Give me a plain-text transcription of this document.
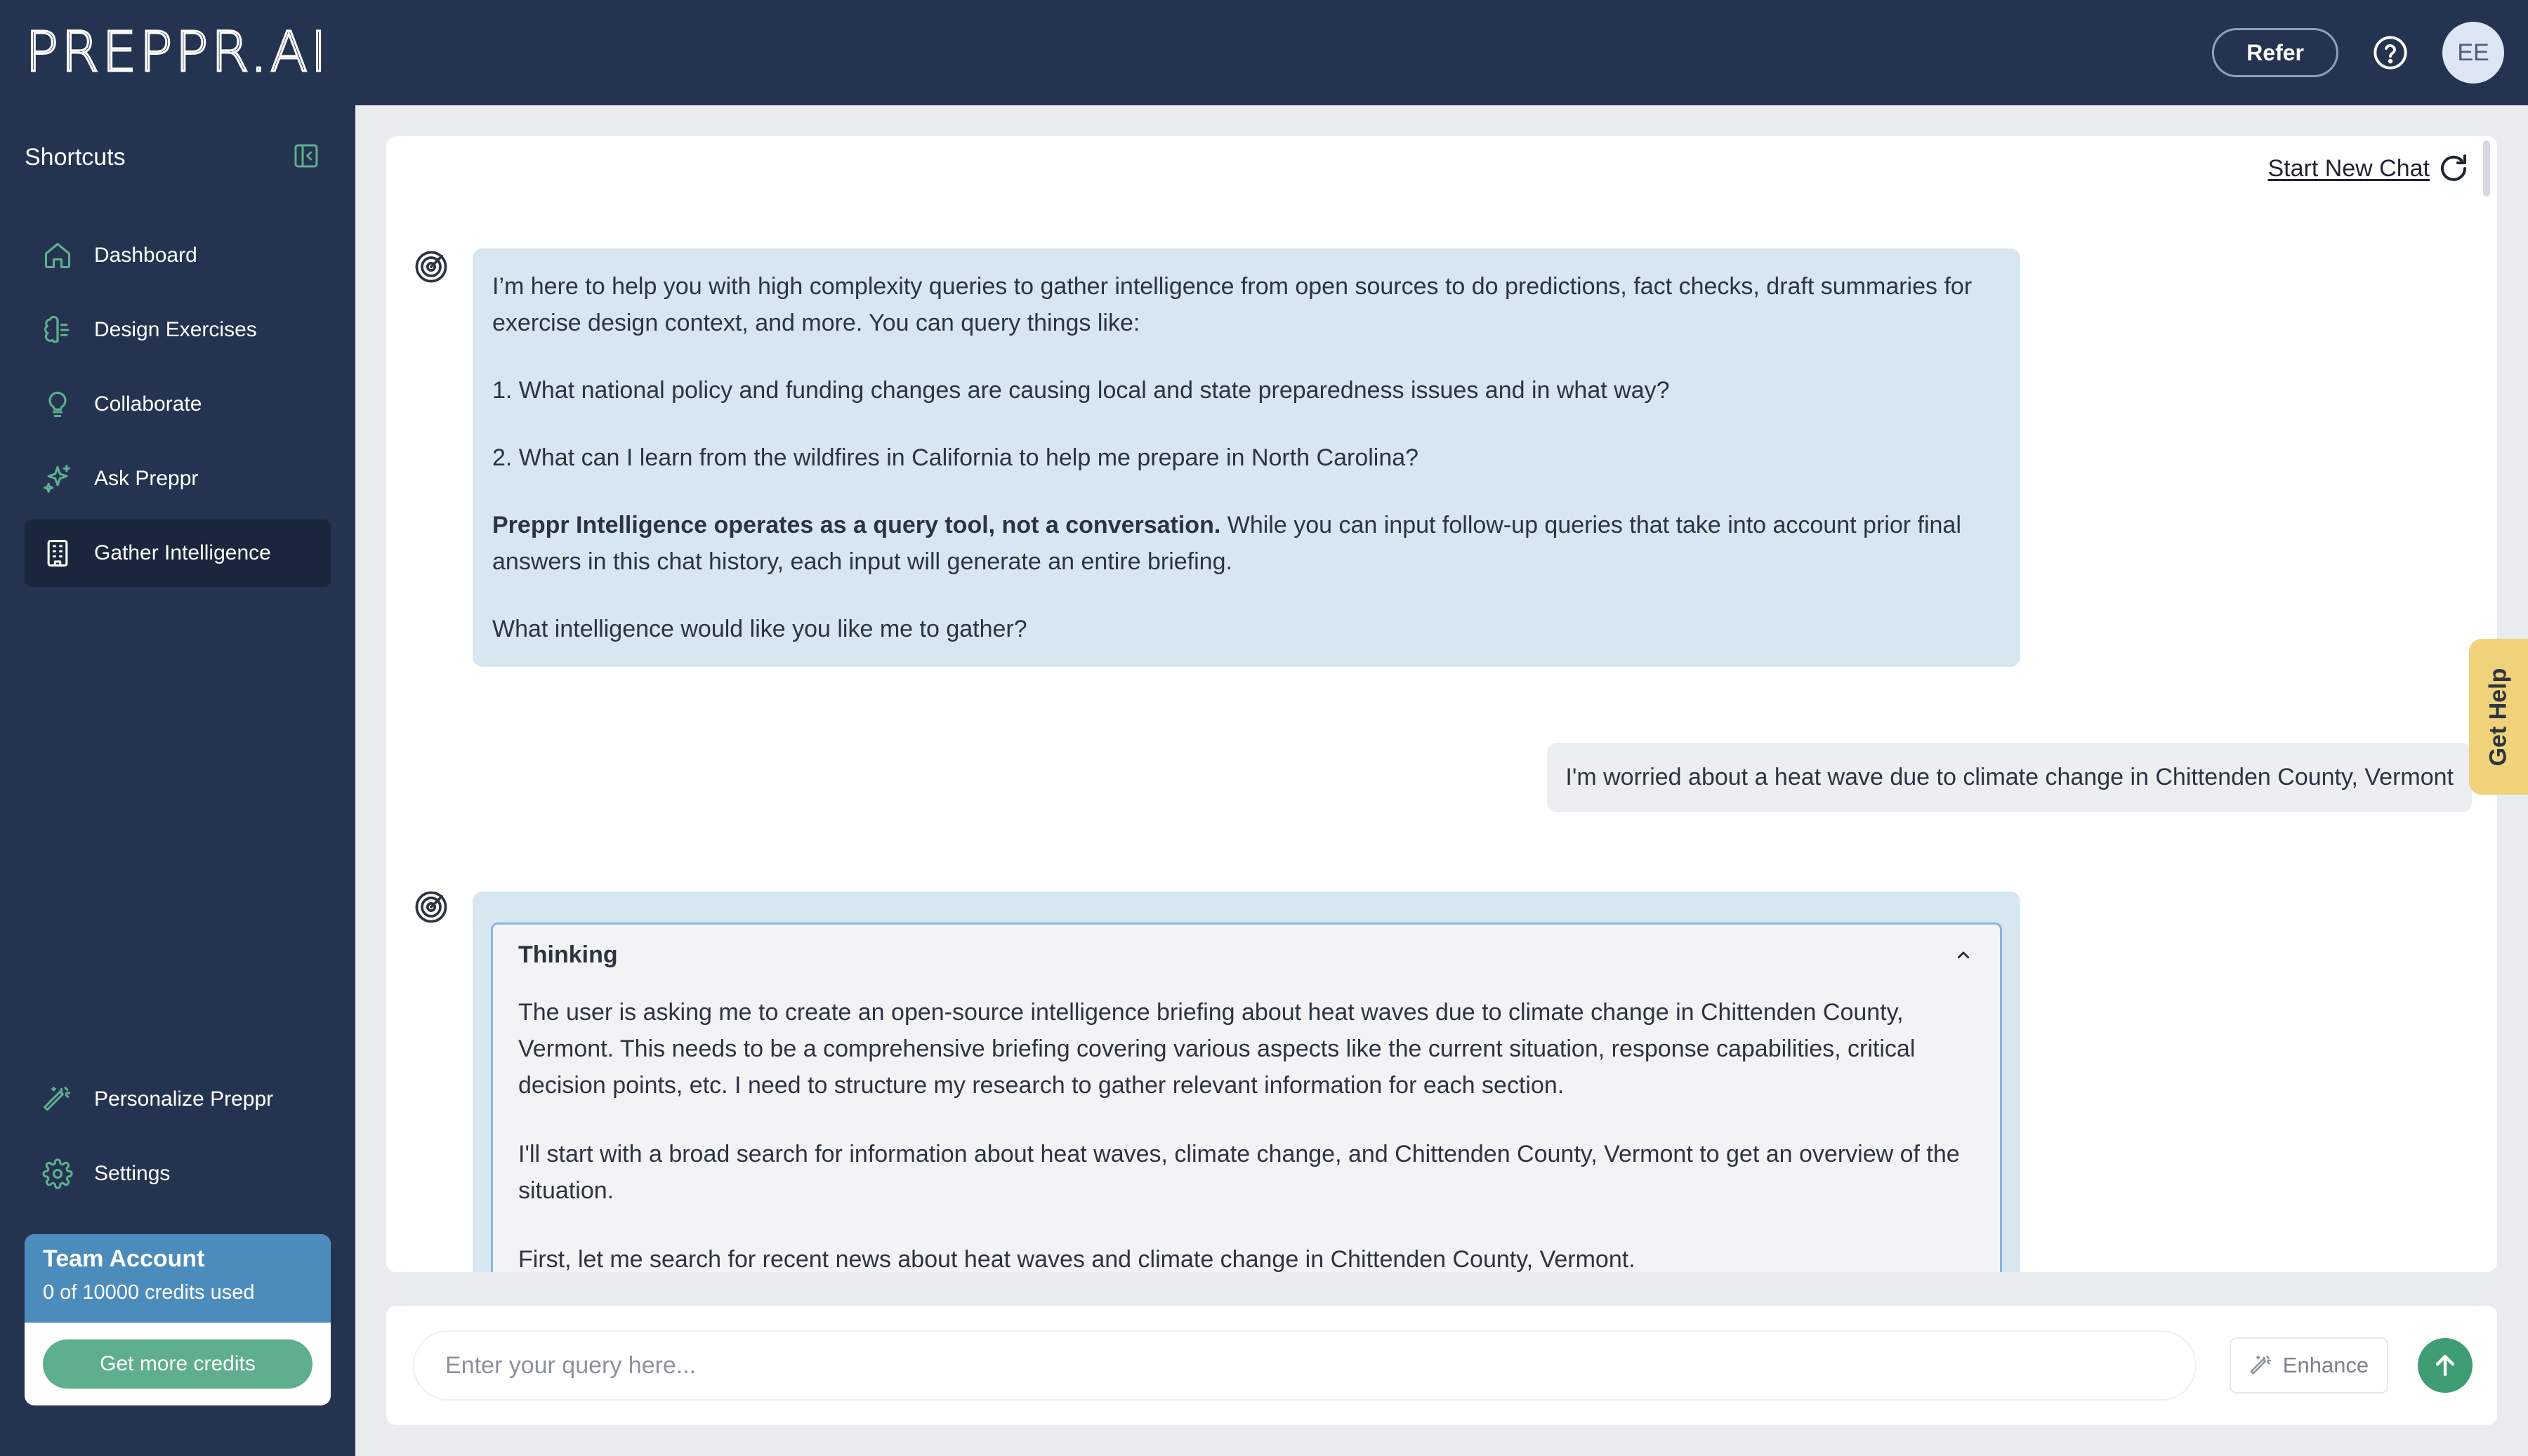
PREPPR.AI	Refer	EE
Shortcuts
Dashboard
Design Exercises
Collaborate
Ask Preppr
Gather Intelligence
Personalize Preppr
Settings
Team Account
0 of 10000 credits used
Get more credits
Start New Chat

I’m here to help you with high complexity queries to gather intelligence from open sources to do predictions, fact checks, draft summaries for exercise design context, and more. You can query things like:

1. What national policy and funding changes are causing local and state preparedness issues and in what way?

2. What can I learn from the wildfires in California to help me prepare in North Carolina?

Preppr Intelligence operates as a query tool, not a conversation. While you can input follow-up queries that take into account prior final answers in this chat history, each input will generate an entire briefing.

What intelligence would like you like me to gather?

I'm worried about a heat wave due to climate change in Chittenden County, Vermont
Thinking

The user is asking me to create an open-source intelligence briefing about heat waves due to climate change in Chittenden County, Vermont. This needs to be a comprehensive briefing covering various aspects like the current situation, response capabilities, critical decision points, etc. I need to structure my research to gather relevant information for each section.

I'll start with a broad search for information about heat waves, climate change, and Chittenden County, Vermont to get an overview of the situation.

First, let me search for recent news about heat waves and climate change in Chittenden County, Vermont.

Get Help
Enter your query here...
Enhance
